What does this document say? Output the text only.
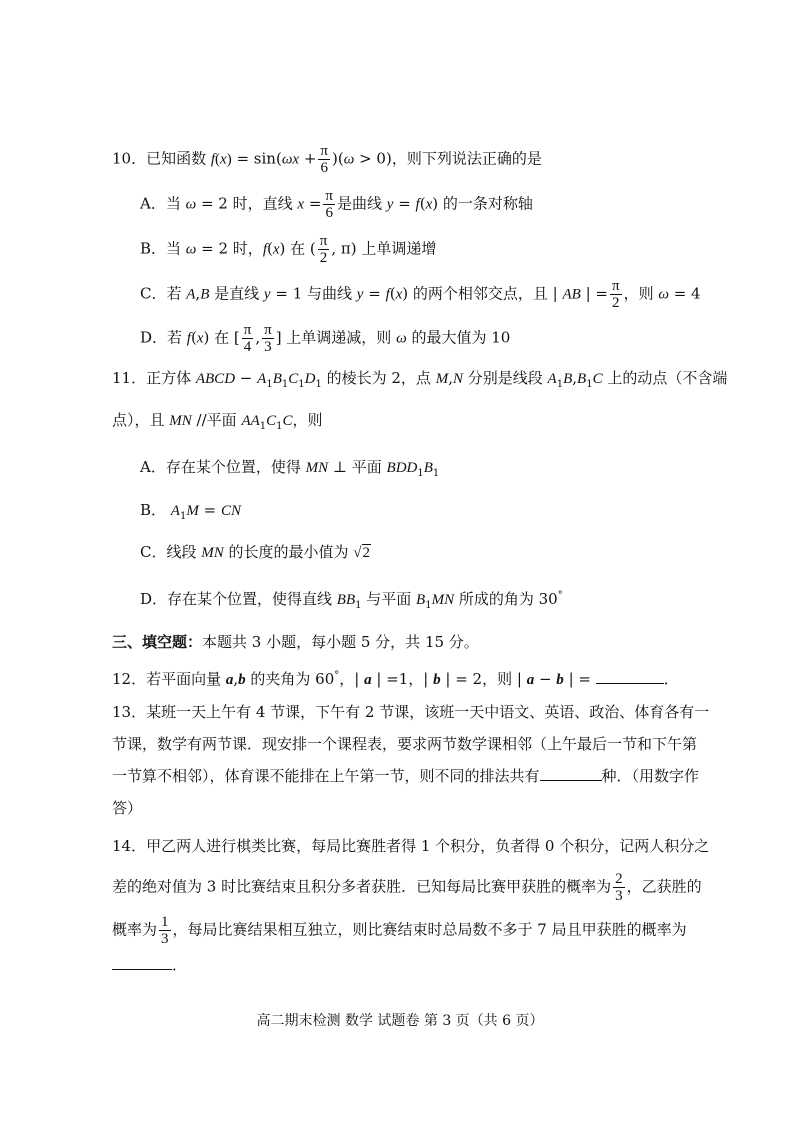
10．已知函数 $f(x) = \sin(\omega x + \frac{\pi}{6} )(\omega > 0)$，则下列说法正确的是
A．当 ω = 2 时，直线 $x = \frac{\pi}{6}$ 是曲线 y = f(x) 的一条对称轴
B．当 ω = 2 时，f(x) 在 ( $\frac{\pi}{2}$ , π) 上单调递增
C．若 A,B 是直线 y = 1 与曲线 y = f(x) 的两个相邻交点，且 | AB | = $\frac{\pi}{2}$ ，则 ω = 4
D．若 f(x) 在 [ $\frac{\pi}{4}$ , $\frac{\pi}{3}$ ] 上单调递减，则 ω 的最大值为 10
11．正方体 ABCD − $A_1B_1C_1D_1$ 的棱长为 2，点 M,N 分别是线段 $A_1B,B_1C$ 上的动点（不含端
点），且 MN //平面 $AA_1C_1C$，则
A．存在某个位置，使得 MN ⊥ 平面 $BDD_1B_1$
B． $A_1M$ = CN
C．线段 MN 的长度的最小值为 √2
D．存在某个位置，使得直线 $BB_1$ 与平面 $B_1MN$ 所成的角为 30°
三、填空题：本题共 3 小题，每小题 5 分，共 15 分。
12．若平面向量 a,b 的夹角为 60°，| a | =1，| b | = 2，则 | a − b | =	．
13．某班一天上午有 4 节课，下午有 2 节课，该班一天中语文、英语、政治、体育各有一
节课，数学有两节课．现安排一个课程表，要求两节数学课相邻（上午最后一节和下午第
一节算不相邻），体育课不能排在上午第一节，则不同的排法共有	种．（用数字作
答）
14．甲乙两人进行棋类比赛，每局比赛胜者得 1 个积分，负者得 0 个积分，记两人积分之
差的绝对值为 3 时比赛结束且积分多者获胜．已知每局比赛甲获胜的概率为 $\frac{2}{3}$ ，乙获胜的
概率为 $\frac{1}{3}$ ，每局比赛结果相互独立，则比赛结束时总局数不多于 7 局且甲获胜的概率为
．
高二期末检测 数学 试题卷 第 3 页（共 6 页）
